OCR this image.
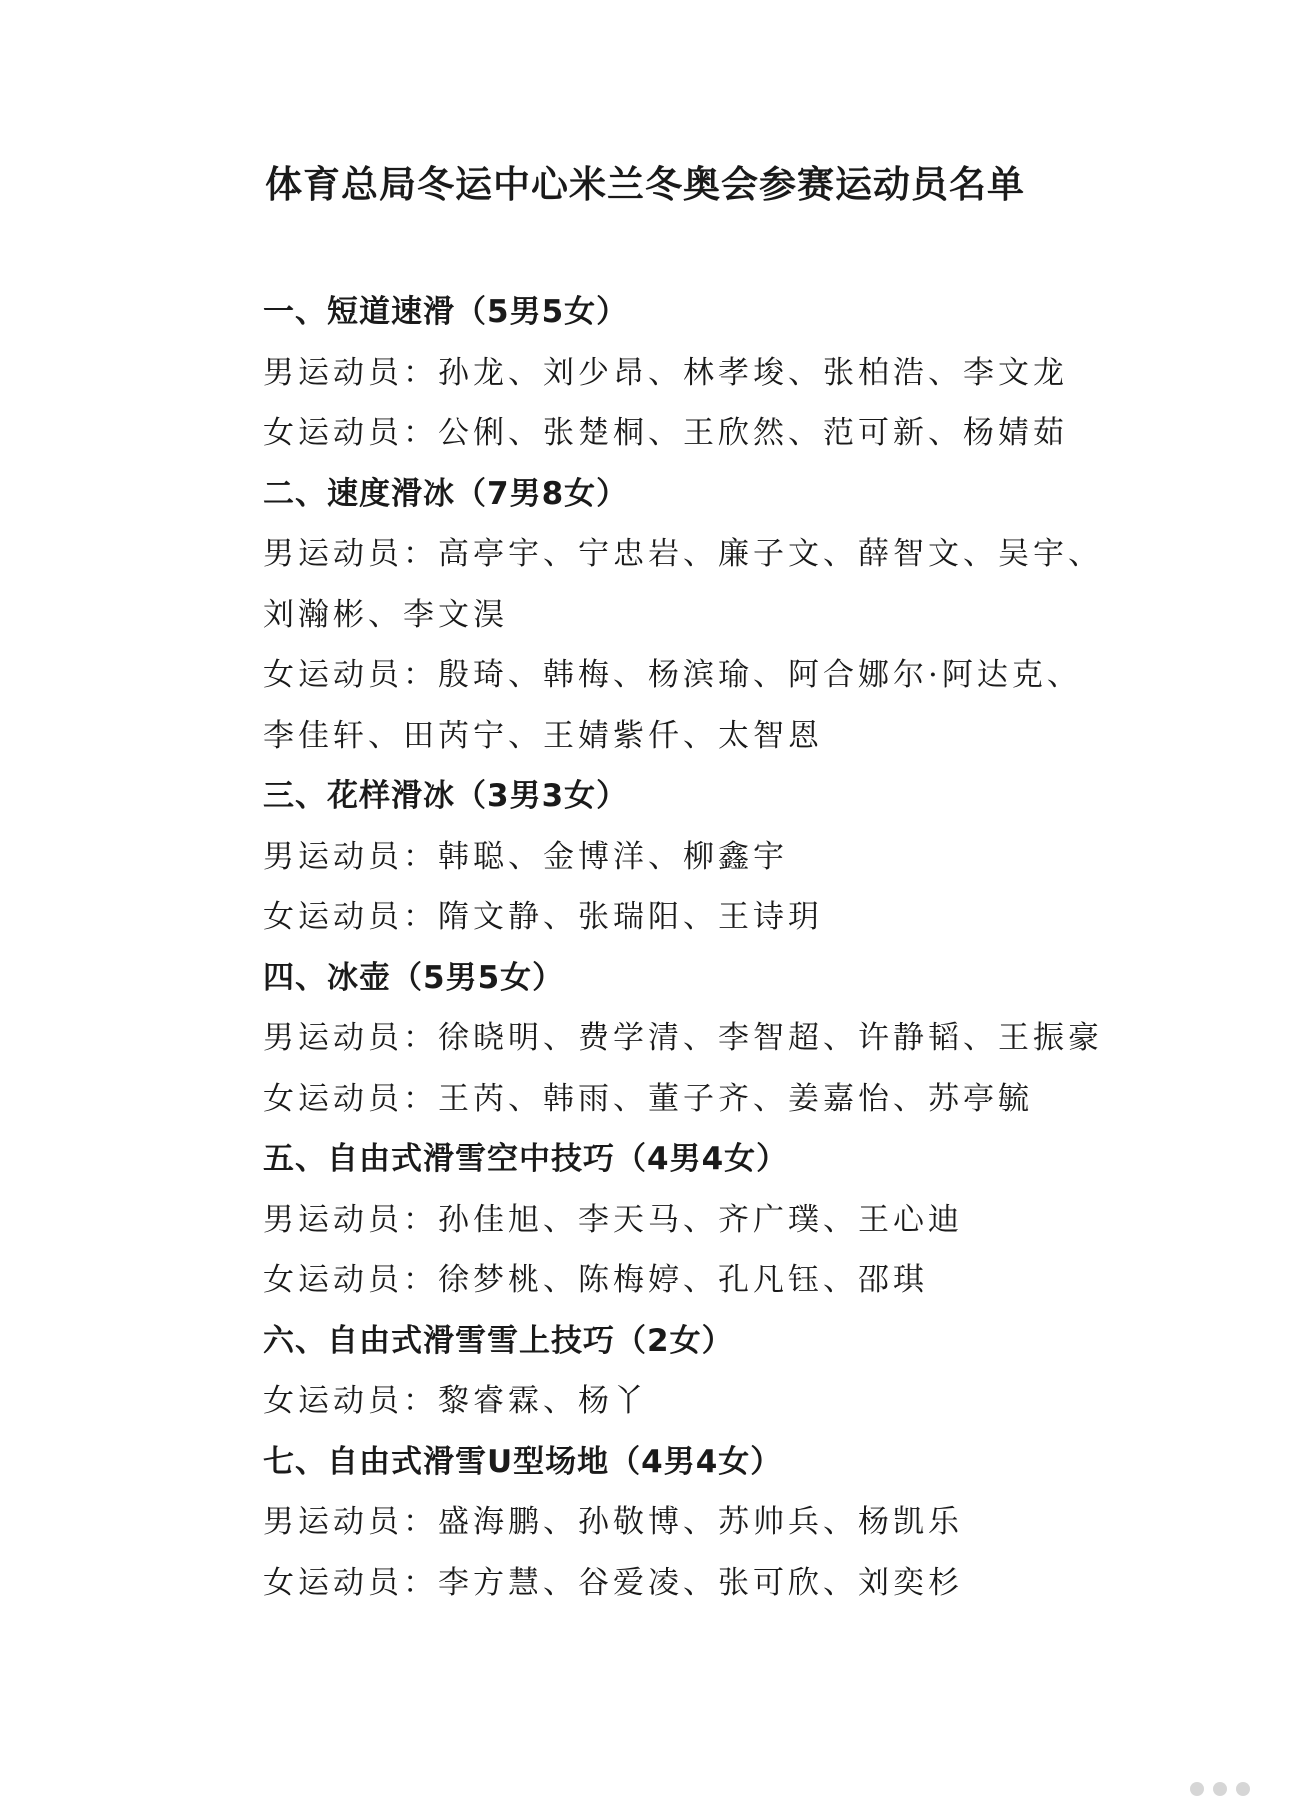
体育总局冬运中心米兰冬奥会参赛运动员名单
一、短道速滑（5男5女）
男运动员：孙龙、刘少昂、林孝埈、张柏浩、李文龙
女运动员：公俐、张楚桐、王欣然、范可新、杨婧茹
二、速度滑冰（7男8女）
男运动员：高亭宇、宁忠岩、廉子文、薛智文、吴宇、刘瀚彬、李文淏
女运动员：殷琦、韩梅、杨滨瑜、阿合娜尔·阿达克、李佳轩、田芮宁、王婧紫仟、太智恩
三、花样滑冰（3男3女）
男运动员：韩聪、金博洋、柳鑫宇
女运动员：隋文静、张瑞阳、王诗玥
四、冰壶（5男5女）
男运动员：徐晓明、费学清、李智超、许静韬、王振豪
女运动员：王芮、韩雨、董子齐、姜嘉怡、苏亭毓
五、自由式滑雪空中技巧（4男4女）
男运动员：孙佳旭、李天马、齐广璞、王心迪
女运动员：徐梦桃、陈梅婷、孔凡钰、邵琪
六、自由式滑雪雪上技巧（2女）
女运动员：黎睿霖、杨丫
七、自由式滑雪U型场地（4男4女）
男运动员：盛海鹏、孙敬博、苏帅兵、杨凯乐
女运动员：李方慧、谷爱凌、张可欣、刘奕杉
